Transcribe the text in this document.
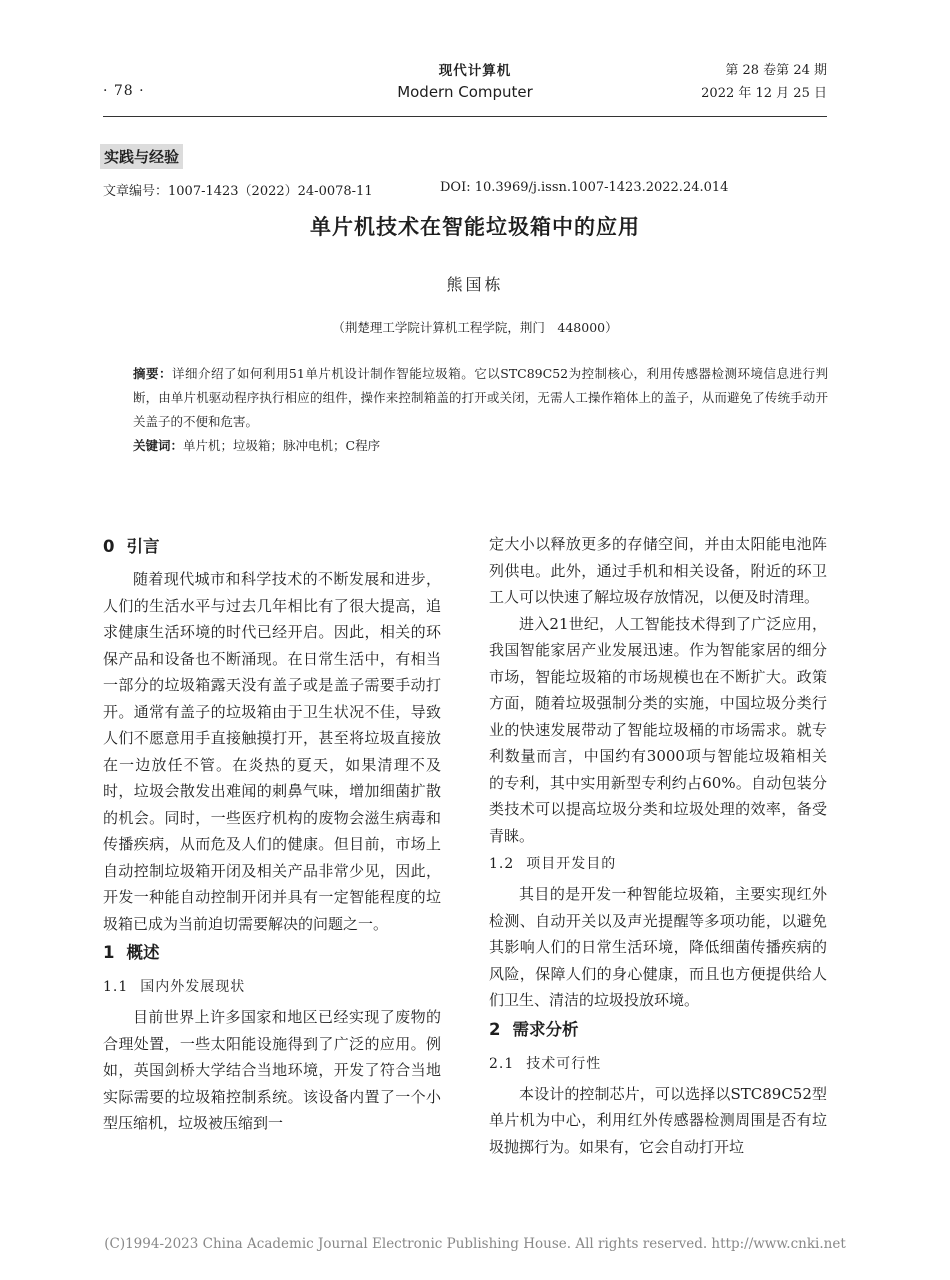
· 78 ·
现代计算机
Modern Computer
第 28 卷第 24 期
2022 年 12 月 25 日
实践与经验
文章编号：1007-1423（2022）24-0078-11	DOI: 10.3969/j.issn.1007-1423.2022.24.014
单片机技术在智能垃圾箱中的应用
熊国栋
（荆楚理工学院计算机工程学院，荆门　448000）
摘要：详细介绍了如何利用51单片机设计制作智能垃圾箱。它以STC89C52为控制核心，利用传感器检测环境信息进行判断，由单片机驱动程序执行相应的组件，操作来控制箱盖的打开或关闭，无需人工操作箱体上的盖子，从而避免了传统手动开关盖子的不便和危害。
关键词：单片机；垃圾箱；脉冲电机；C程序
0 引言

随着现代城市和科学技术的不断发展和进步，人们的生活水平与过去几年相比有了很大提高，追求健康生活环境的时代已经开启。因此，相关的环保产品和设备也不断涌现。在日常生活中，有相当一部分的垃圾箱露天没有盖子或是盖子需要手动打开。通常有盖子的垃圾箱由于卫生状况不佳，导致人们不愿意用手直接触摸打开，甚至将垃圾直接放在一边放任不管。在炎热的夏天，如果清理不及时，垃圾会散发出难闻的刺鼻气味，增加细菌扩散的机会。同时，一些医疗机构的废物会滋生病毒和传播疾病，从而危及人们的健康。但目前，市场上自动控制垃圾箱开闭及相关产品非常少见，因此，开发一种能自动控制开闭并具有一定智能程度的垃圾箱已成为当前迫切需要解决的问题之一。

1 概述
1.1 国内外发展现状

目前世界上许多国家和地区已经实现了废物的合理处置，一些太阳能设施得到了广泛的应用。例如，英国剑桥大学结合当地环境，开发了符合当地实际需要的垃圾箱控制系统。该设备内置了一个小型压缩机，垃圾被压缩到一

定大小以释放更多的存储空间，并由太阳能电池阵列供电。此外，通过手机和相关设备，附近的环卫工人可以快速了解垃圾存放情况，以便及时清理。

进入21世纪，人工智能技术得到了广泛应用，我国智能家居产业发展迅速。作为智能家居的细分市场，智能垃圾箱的市场规模也在不断扩大。政策方面，随着垃圾强制分类的实施，中国垃圾分类行业的快速发展带动了智能垃圾桶的市场需求。就专利数量而言，中国约有3000项与智能垃圾箱相关的专利，其中实用新型专利约占60%。自动包装分类技术可以提高垃圾分类和垃圾处理的效率，备受青睐。

1.2 项目开发目的

其目的是开发一种智能垃圾箱，主要实现红外检测、自动开关以及声光提醒等多项功能，以避免其影响人们的日常生活环境，降低细菌传播疾病的风险，保障人们的身心健康，而且也方便提供给人们卫生、清洁的垃圾投放环境。

2 需求分析
2.1 技术可行性

本设计的控制芯片，可以选择以STC89C52型单片机为中心，利用红外传感器检测周围是否有垃圾抛掷行为。如果有，它会自动打开垃

(C)1994-2023 China Academic Journal Electronic Publishing House. All rights reserved. http://www.cnki.net
